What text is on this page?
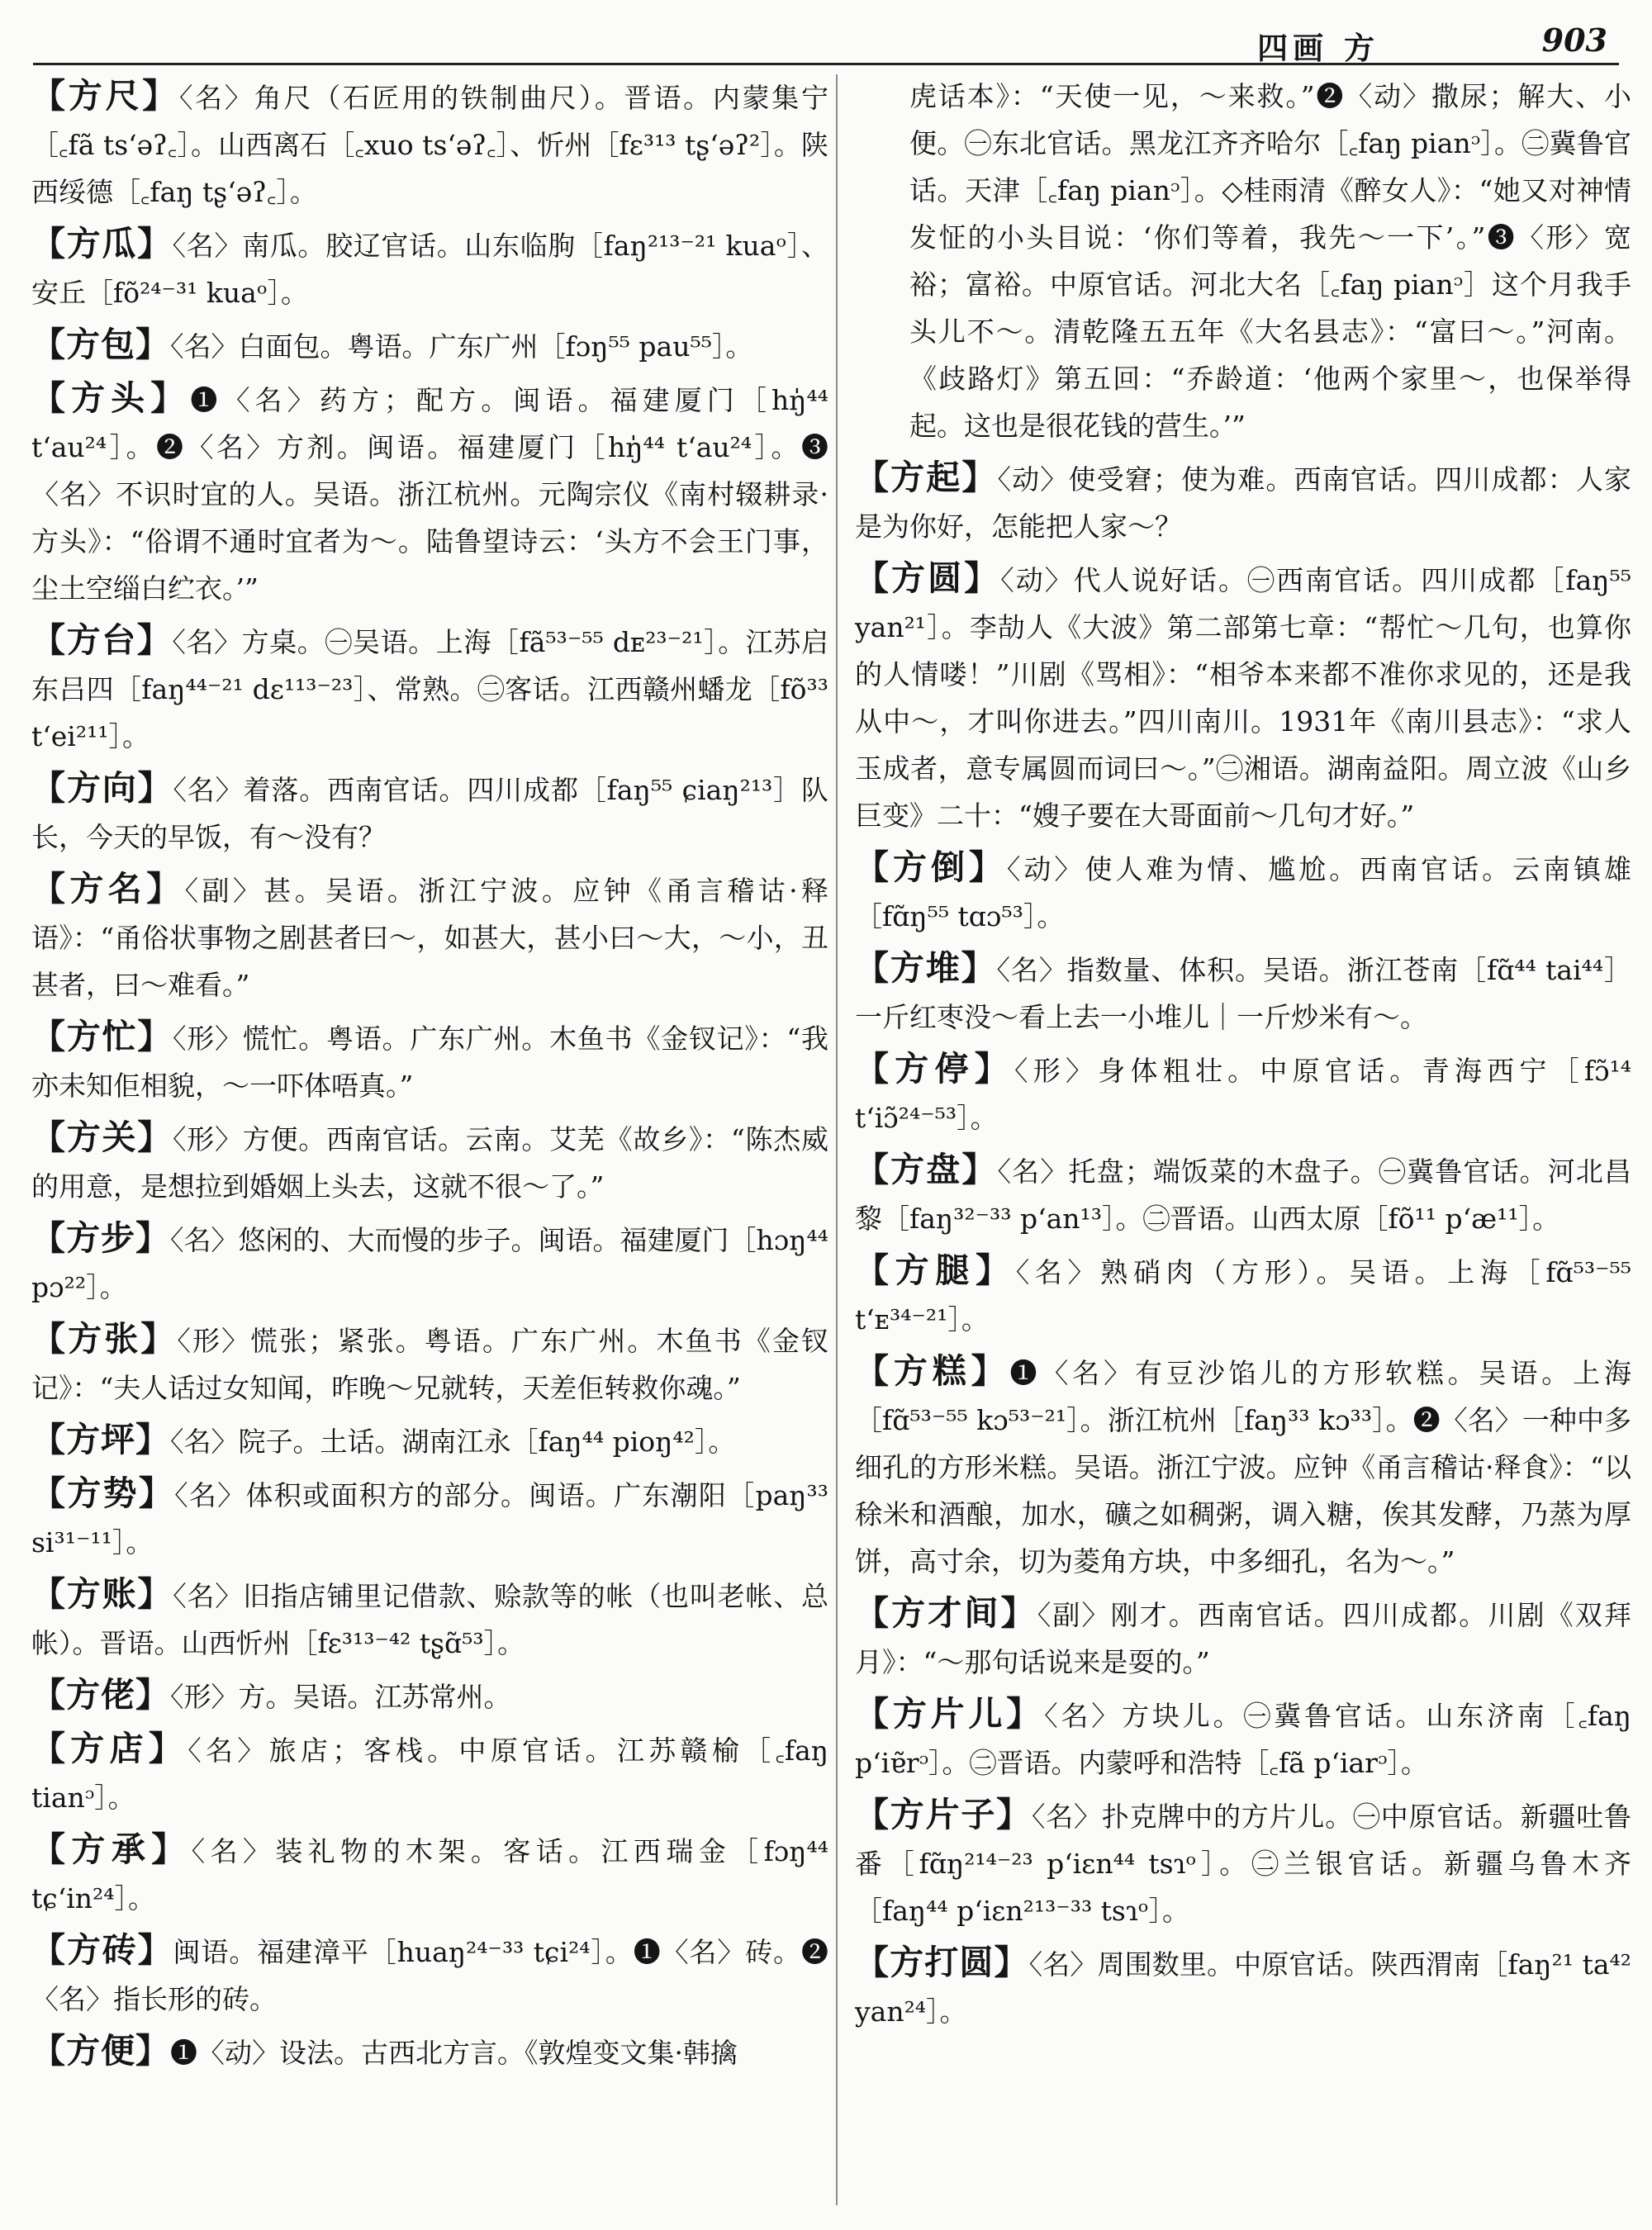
四画 方	903

【方尺】〈名〉角尺（石匠用的铁制曲尺）。晋语。内蒙集宁［꜀fã tsʻəʔ꜀］。山西离石［꜀xuo tsʻəʔ꜀］、忻州［fɛ³¹³ tʂʻəʔ²］。陕西绥德［꜀faŋ tʂʻəʔ꜀］。

【方瓜】〈名〉南瓜。胶辽官话。山东临朐［faŋ²¹³⁻²¹ kuaᵒ］、安丘［fõ²⁴⁻³¹ kuaᵒ］。

【方包】〈名〉白面包。粤语。广东广州［fɔŋ⁵⁵ pau⁵⁵］。

【方头】❶〈名〉药方；配方。闽语。福建厦门［hŋ̍⁴⁴ tʻau²⁴］。❷〈名〉方剂。闽语。福建厦门［hŋ̍⁴⁴ tʻau²⁴］。❸〈名〉不识时宜的人。吴语。浙江杭州。元陶宗仪《南村辍耕录·方头》：“俗谓不通时宜者为～。陆鲁望诗云：‘头方不会王门事，尘土空缁白纻衣。’”

【方台】〈名〉方桌。㊀吴语。上海［fã⁵³⁻⁵⁵ dᴇ²³⁻²¹］。江苏启东吕四［faŋ⁴⁴⁻²¹ dɛ¹¹³⁻²³］、常熟。㊁客话。江西赣州蟠龙［fõ³³ tʻei²¹¹］。

【方向】〈名〉着落。西南官话。四川成都［faŋ⁵⁵ ɕiaŋ²¹³］队长，今天的早饭，有～没有？

【方名】〈副〉甚。吴语。浙江宁波。应钟《甬言稽诂·释语》：“甬俗状事物之剧甚者曰～，如甚大，甚小曰～大，～小，丑甚者，曰～难看。”

【方忙】〈形〉慌忙。粤语。广东广州。木鱼书《金钗记》：“我亦未知佢相貌，～一吓体唔真。”

【方关】〈形〉方便。西南官话。云南。艾芜《故乡》：“陈杰威的用意，是想拉到婚姻上头去，这就不很～了。”

【方步】〈名〉悠闲的、大而慢的步子。闽语。福建厦门［hɔŋ⁴⁴ pɔ²²］。

【方张】〈形〉慌张；紧张。粤语。广东广州。木鱼书《金钗记》：“夫人话过女知闻，昨晚～兄就转，天差佢转救你魂。”

【方坪】〈名〉院子。土话。湖南江永［faŋ⁴⁴ pioŋ⁴²］。

【方势】〈名〉体积或面积方的部分。闽语。广东潮阳［paŋ³³ si³¹⁻¹¹］。

【方账】〈名〉旧指店铺里记借款、赊款等的帐（也叫老帐、总帐）。晋语。山西忻州［fɛ³¹³⁻⁴² tʂɑ̃⁵³］。

【方佬】〈形〉方。吴语。江苏常州。

【方店】〈名〉旅店；客栈。中原官话。江苏赣榆［꜀faŋ tianᵓ］。

【方承】〈名〉装礼物的木架。客话。江西瑞金［fɔŋ⁴⁴ tɕʻin²⁴］。

【方砖】闽语。福建漳平［huaŋ²⁴⁻³³ tɕi²⁴］。❶〈名〉砖。❷〈名〉指长形的砖。

【方便】❶〈动〉设法。古西北方言。《敦煌变文集·韩擒

虎话本》：“天使一见，～来救。”❷〈动〉撒尿；解大、小便。㊀东北官话。黑龙江齐齐哈尔［꜀faŋ pianᵓ］。㊁冀鲁官话。天津［꜀faŋ pianᵓ］。◇桂雨清《醉女人》：“她又对神情发怔的小头目说：‘你们等着，我先～一下’。”❸〈形〉宽裕；富裕。中原官话。河北大名［꜀faŋ pianᵓ］这个月我手头儿不～。清乾隆五五年《大名县志》：“富曰～。”河南。《歧路灯》第五回：“乔龄道：‘他两个家里～，也保举得起。这也是很花钱的营生。’”

【方起】〈动〉使受窘；使为难。西南官话。四川成都：人家是为你好，怎能把人家～？

【方圆】〈动〉代人说好话。㊀西南官话。四川成都［faŋ⁵⁵ yan²¹］。李劼人《大波》第二部第七章：“帮忙～几句，也算你的人情喽！”川剧《骂相》：“相爷本来都不准你求见的，还是我从中～，才叫你进去。”四川南川。1931年《南川县志》：“求人玉成者，意专属圆而词曰～。”㊁湘语。湖南益阳。周立波《山乡巨变》二十：“嫂子要在大哥面前～几句才好。”

【方倒】〈动〉使人难为情、尴尬。西南官话。云南镇雄［fɑ̃ŋ⁵⁵ tɑɔ⁵³］。

【方堆】〈名〉指数量、体积。吴语。浙江苍南［fɑ̃⁴⁴ tai⁴⁴］一斤红枣没～看上去一小堆儿｜一斤炒米有～。

【方停】〈形〉身体粗壮。中原官话。青海西宁［fɔ̃¹⁴ tʻiɔ̃²⁴⁻⁵³］。

【方盘】〈名〉托盘；端饭菜的木盘子。㊀冀鲁官话。河北昌黎［faŋ³²⁻³³ pʻan¹³］。㊁晋语。山西太原［fõ¹¹ pʻæ¹¹］。

【方腿】〈名〉熟硝肉（方形）。吴语。上海［fɑ̃⁵³⁻⁵⁵ tʻᴇ³⁴⁻²¹］。

【方糕】❶〈名〉有豆沙馅儿的方形软糕。吴语。上海［fɑ̃⁵³⁻⁵⁵ kɔ⁵³⁻²¹］。浙江杭州［faŋ³³ kɔ³³］。❷〈名〉一种中多细孔的方形米糕。吴语。浙江宁波。应钟《甬言稽诂·释食》：“以稌米和酒酿，加水，礦之如稠粥，调入糖，俟其发酵，乃蒸为厚饼，高寸余，切为菱角方块，中多细孔，名为～。”

【方才间】〈副〉刚才。西南官话。四川成都。川剧《双拜月》：“～那句话说来是耍的。”

【方片儿】〈名〉方块儿。㊀冀鲁官话。山东济南［꜀faŋ pʻiɐ̃rᵓ］。㊁晋语。内蒙呼和浩特［꜀fã pʻiarᵓ］。

【方片子】〈名〉扑克牌中的方片儿。㊀中原官话。新疆吐鲁番［fɑ̃ŋ²¹⁴⁻²³ pʻiɛn⁴⁴ tsɿᵒ］。㊁兰银官话。新疆乌鲁木齐［faŋ⁴⁴ pʻiɛn²¹³⁻³³ tsɿᵒ］。

【方打圆】〈名〉周围数里。中原官话。陕西渭南［faŋ²¹ ta⁴² yan²⁴］。
